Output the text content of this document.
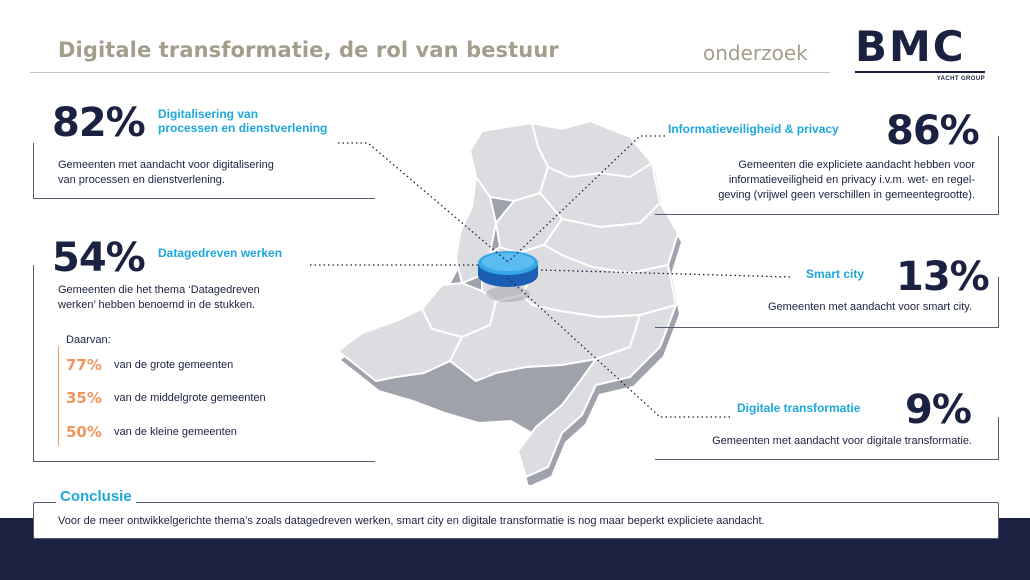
Digitale transformatie, de rol van bestuur	onderzoek BMC
YACHT GROUP
82% Digitalisering van
processen en dienstverlening
Gemeenten met aandacht voor digitalisering
van processen en dienstverlening.
54% Datagedreven werken
Gemeenten die het thema ‘Datagedreven
werken’ hebben benoemd in de stukken.
Daarvan:
77% van de grote gemeenten
35% van de middelgrote gemeenten
50% van de kleine gemeenten
86%
Informatieveiligheid & privacy
Gemeenten die expliciete aandacht hebben voor
informatieveiligheid en privacy i.v.m. wet- en regel-
geving (vrijwel geen verschillen in gemeentegrootte).
13%
Smart city
Gemeenten met aandacht voor smart city.
9%
Digitale transformatie
Gemeenten met aandacht voor digitale transformatie.
Conclusie
Voor de meer ontwikkelgerichte thema’s zoals datagedreven werken, smart city en digitale transformatie is nog maar beperkt expliciete aandacht.
